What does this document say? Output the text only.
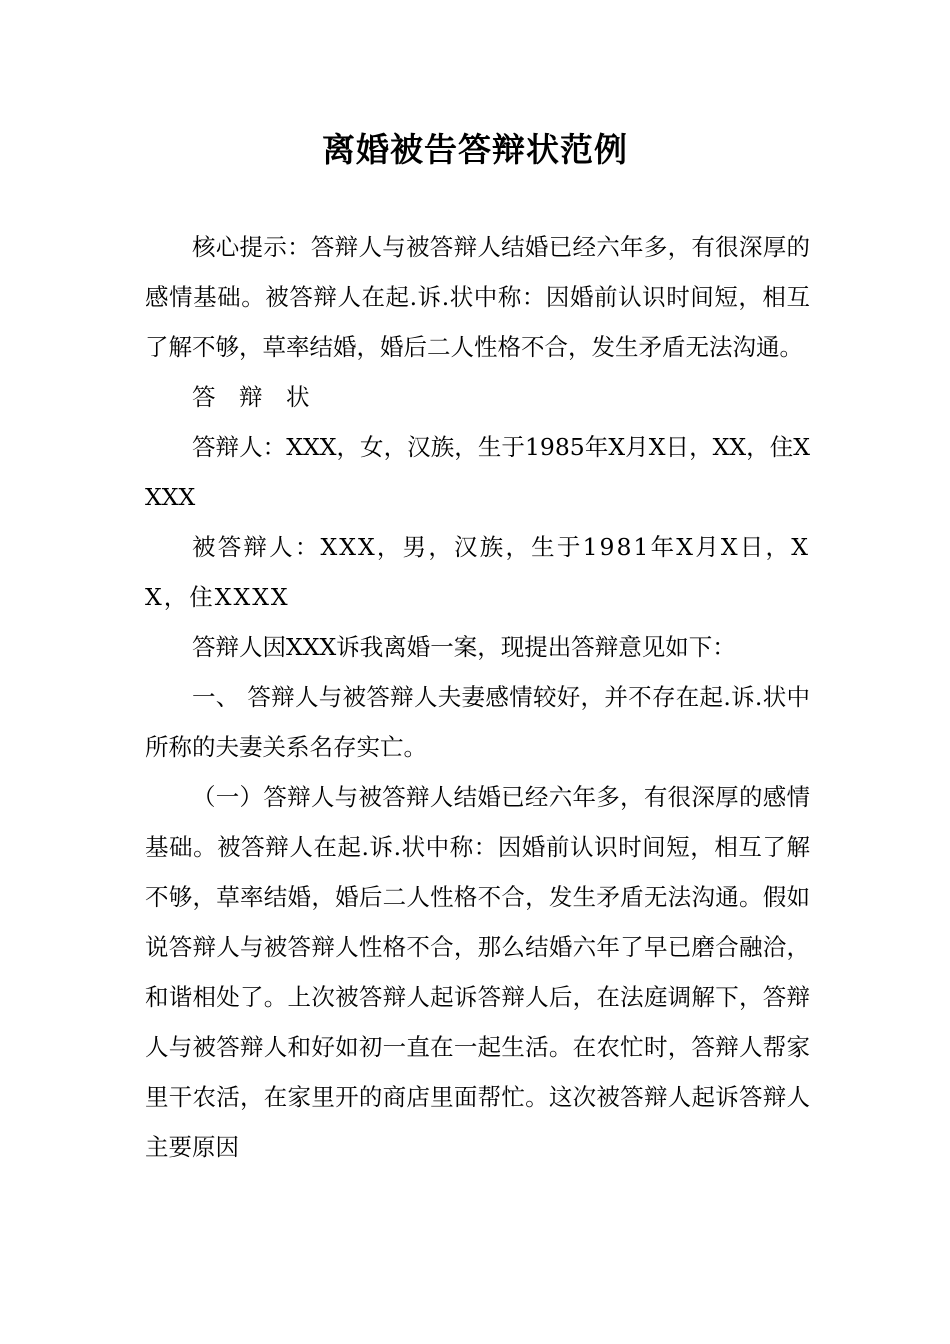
离婚被告答辩状范例

核心提示：答辩人与被答辩人结婚已经六年多，有很深厚的感情基础。被答辩人在起.诉.状中称：因婚前认识时间短，相互了解不够，草率结婚，婚后二人性格不合，发生矛盾无法沟通。

答 辩 状

答辩人：XXX，女，汉族，生于1985年X月X日，XX，住XXXX

被答辩人：XXX，男，汉族，生于1981年X月X日，XX，住XXXX

答辩人因XXX诉我离婚一案，现提出答辩意见如下：

一、 答辩人与被答辩人夫妻感情较好，并不存在起.诉.状中所称的夫妻关系名存实亡。

（一）答辩人与被答辩人结婚已经六年多，有很深厚的感情基础。被答辩人在起.诉.状中称：因婚前认识时间短，相互了解不够，草率结婚，婚后二人性格不合，发生矛盾无法沟通。假如说答辩人与被答辩人性格不合，那么结婚六年了早已磨合融洽，和谐相处了。上次被答辩人起诉答辩人后，在法庭调解下，答辩人与被答辩人和好如初一直在一起生活。在农忙时，答辩人帮家里干农活，在家里开的商店里面帮忙。这次被答辩人起诉答辩人主要原因
